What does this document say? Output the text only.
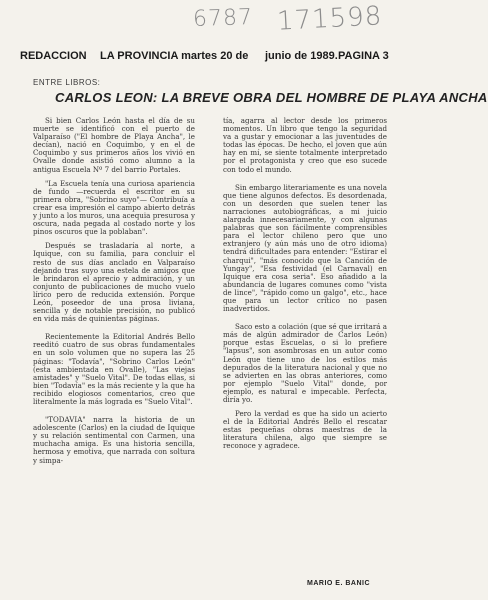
6787 171598
REDACCION LA PROVINCIA martes 20 de junio de 1989. PAGINA 3
ENTRE LIBROS:
CARLOS LEON: LA BREVE OBRA DEL HOMBRE DE PLAYA ANCHA

Si bien Carlos León hasta el día de su muerte se identificó con el puerto de Valparaíso ("El hombre de Playa Ancha", le decían), nació en Coquimbo, y en el de Coquimbo y sus primeros años los vivió en Ovalle donde asistió como alumno a la antigua Escuela Nº 7 del barrio Portales.

"La Escuela tenía una curiosa apariencia de fundo —recuerda el escritor en su primera obra, "Sobrino suyo"— Contribuía a crear esa impresión el campo abierto detrás y junto a los muros, una acequia presurosa y oscura, nada pegada al costado norte y los pinos oscuros que la poblaban".

Después se trasladaría al norte, a Iquique, con su familia, para concluir el resto de sus días anclado en Valparaíso dejando tras suyo una estela de amigos que le brindaron el aprecio y admiración, y un conjunto de publicaciones de mucho vuelo lírico pero de reducida extensión. Porque León, poseedor de una prosa liviana, sencilla y de notable precisión, no publicó en vida más de quinientas páginas.

Recientemente la Editorial Andrés Bello reeditó cuatro de sus obras fundamentales en un solo volumen que no supera las 25 páginas: "Todavía", "Sobrino Carlos León" (esta ambientada en Ovalle), "Las viejas amistades" y "Suelo Vital". De todas ellas, si bien "Todavía" es la más reciente y la que ha recibido elogiosos comentarios, creo que literalmente la más lograda es "Suelo Vital".

"TODAVIA" narra la historia de un adolescente (Carlos) en la ciudad de Iquique y su relación sentimental con Carmen, una muchacha amiga. Es una historia sencilla, hermosa y emotiva, que narrada con soltura y simpa-

tía, agarra al lector desde los primeros momentos. Un libro que tengo la seguridad va a gustar y emocionar a las juventudes de todas las épocas. De hecho, el joven que aún hay en mí, se siente totalmente interpretado por el protagonista y creo que eso sucede con todo el mundo.

Sin embargo literariamente es una novela que tiene algunos defectos. Es desordenada, con un desorden que suelen tener las narraciones autobiográficas, a mi juicio alargada innecesariamente, y con algunas palabras que son fácilmente comprensibles para el lector chileno pero que uno extranjero (y aún más uno de otro idioma) tendrá dificultades para entender: "Estirar el charqui", "más conocido que la Canción de Yungay", "Esa festividad (el Carnaval) en Iquique era cosa seria". Eso añadido a la abundancia de lugares comunes como "vista de lince", "rápido como un galgo", etc., hace que para un lector crítico no pasen inadvertidos.

Saco esto a colación (que sé que irritará a más de algún admirador de Carlos León) porque estas Escuelas, o si lo prefiere "lapsus", son asombrosas en un autor como León que tiene uno de los estilos más depurados de la literatura nacional y que no se advierten en las obras anteriores, como por ejemplo "Suelo Vital" donde, por ejemplo, es natural e impecable. Perfecta, diría yo.

Pero la verdad es que ha sido un acierto el de la Editorial Andrés Bello el rescatar estas pequeñas obras maestras de la literatura chilena, algo que siempre se reconoce y agradece.

MARIO E. BANIC
